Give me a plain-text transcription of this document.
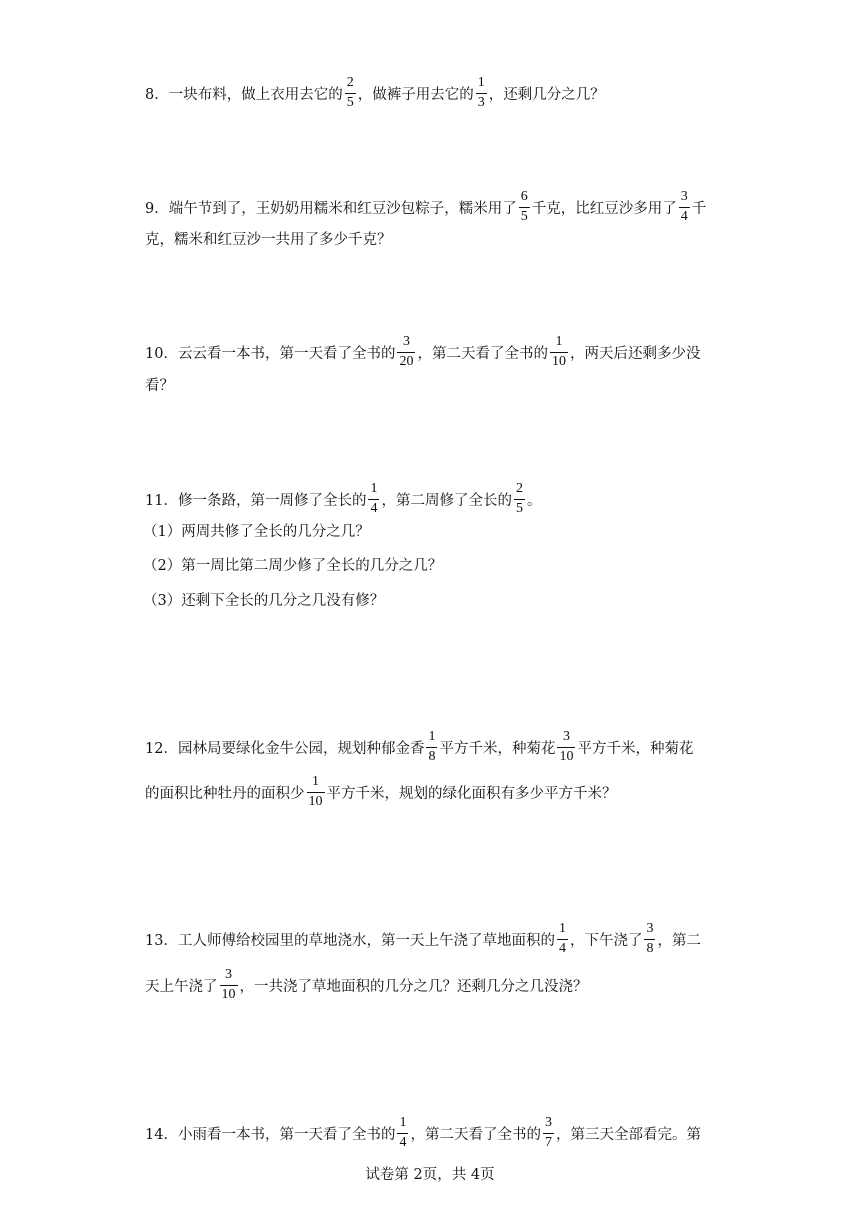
8．一块布料，做上衣用去它的 $\frac{2}{5}$ ，做裤子用去它的 $\frac{1}{3}$ ，还剩几分之几？
9．端午节到了，王奶奶用糯米和红豆沙包粽子，糯米用了 $\frac{6}{5}$ 千克，比红豆沙多用了 $\frac{3}{4}$ 千
克，糯米和红豆沙一共用了多少千克？
10．云云看一本书，第一天看了全书的 $\frac{3}{20}$ ，第二天看了全书的 $\frac{1}{10}$ ，两天后还剩多少没
看？
11．修一条路，第一周修了全长的 $\frac{1}{4}$ ，第二周修了全长的 $\frac{2}{5}$ 。
（1）两周共修了全长的几分之几？
（2）第一周比第二周少修了全长的几分之几？
（3）还剩下全长的几分之几没有修？
12．园林局要绿化金牛公园，规划种郁金香 $\frac{1}{8}$ 平方千米，种菊花 $\frac{3}{10}$ 平方千米，种菊花
的面积比种牡丹的面积少 $\frac{1}{10}$ 平方千米，规划的绿化面积有多少平方千米？
13．工人师傅给校园里的草地浇水，第一天上午浇了草地面积的 $\frac{1}{4}$ ，下午浇了 $\frac{3}{8}$ ，第二
天上午浇了 $\frac{3}{10}$ ，一共浇了草地面积的几分之几？还剩几分之几没浇？
14．小雨看一本书，第一天看了全书的 $\frac{1}{4}$ ，第二天看了全书的 $\frac{3}{7}$ ，第三天全部看完。第
试卷第 2页，共 4页
